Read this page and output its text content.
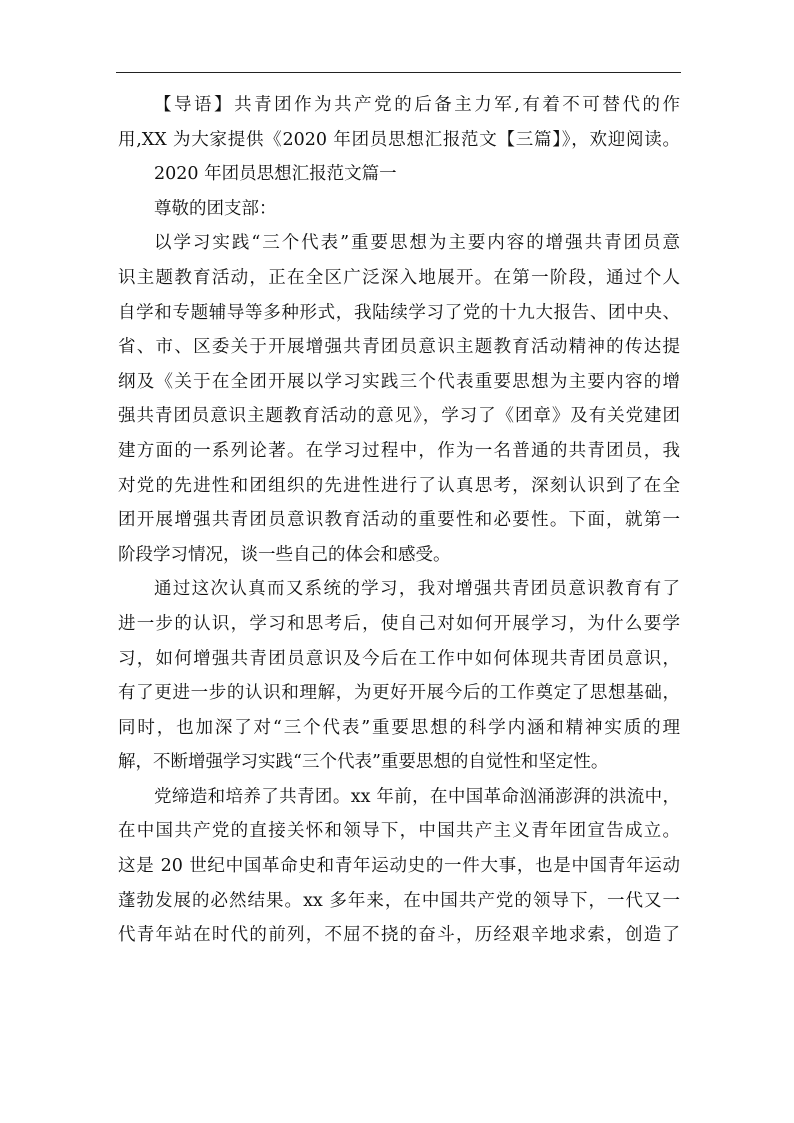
【导语】共青团作为共产党的后备主力军,有着不可替代的作
用,XX 为大家提供《2020 年团员思想汇报范文【三篇】》，欢迎阅读。
2020 年团员思想汇报范文篇一
尊敬的团支部：
以学习实践“三个代表”重要思想为主要内容的增强共青团员意
识主题教育活动，正在全区广泛深入地展开。在第一阶段，通过个人
自学和专题辅导等多种形式，我陆续学习了党的十九大报告、团中央、
省、市、区委关于开展增强共青团员意识主题教育活动精神的传达提
纲及《关于在全团开展以学习实践三个代表重要思想为主要内容的增
强共青团员意识主题教育活动的意见》，学习了《团章》及有关党建团
建方面的一系列论著。在学习过程中，作为一名普通的共青团员，我
对党的先进性和团组织的先进性进行了认真思考，深刻认识到了在全
团开展增强共青团员意识教育活动的重要性和必要性。下面，就第一
阶段学习情况，谈一些自己的体会和感受。
通过这次认真而又系统的学习，我对增强共青团员意识教育有了
进一步的认识，学习和思考后，使自己对如何开展学习，为什么要学
习，如何增强共青团员意识及今后在工作中如何体现共青团员意识，
有了更进一步的认识和理解，为更好开展今后的工作奠定了思想基础，
同时，也加深了对“三个代表”重要思想的科学内涵和精神实质的理
解，不断增强学习实践“三个代表”重要思想的自觉性和坚定性。
党缔造和培养了共青团。xx 年前，在中国革命汹涌澎湃的洪流中，
在中国共产党的直接关怀和领导下，中国共产主义青年团宣告成立。
这是 20 世纪中国革命史和青年运动史的一件大事，也是中国青年运动
蓬勃发展的必然结果。xx 多年来，在中国共产党的领导下，一代又一
代青年站在时代的前列，不屈不挠的奋斗，历经艰辛地求索，创造了
